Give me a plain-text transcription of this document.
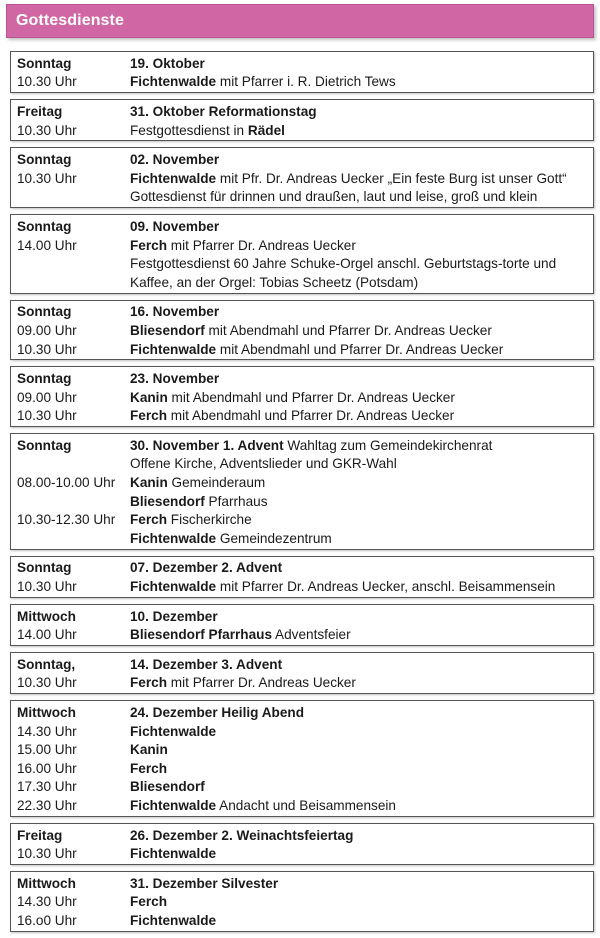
Gottesdienste
Sonntag	19. Oktober
10.30 Uhr	Fichtenwalde mit Pfarrer i. R. Dietrich Tews
Freitag	31. Oktober Reformationstag
10.30 Uhr	Festgottesdienst in Rädel
Sonntag	02. November
10.30 Uhr	Fichtenwalde mit Pfr. Dr. Andreas Uecker „Ein feste Burg ist unser Gott“
Gottesdienst für drinnen und draußen, laut und leise, groß und klein
Sonntag	09. November
14.00 Uhr	Ferch mit Pfarrer Dr. Andreas Uecker
Festgottesdienst 60 Jahre Schuke-Orgel anschl. Geburtstags-torte und
Kaffee, an der Orgel: Tobias Scheetz (Potsdam)
Sonntag	16. November
09.00 Uhr	Bliesendorf mit Abendmahl und Pfarrer Dr. Andreas Uecker
10.30 Uhr	Fichtenwalde mit Abendmahl und Pfarrer Dr. Andreas Uecker
Sonntag	23. November
09.00 Uhr	Kanin mit Abendmahl und Pfarrer Dr. Andreas Uecker
10.30 Uhr	Ferch mit Abendmahl und Pfarrer Dr. Andreas Uecker
Sonntag	30. November 1. Advent Wahltag zum Gemeindekirchenrat
Offene Kirche, Adventslieder und GKR-Wahl
08.00-10.00 Uhr	Kanin Gemeinderaum
Bliesendorf Pfarrhaus
10.30-12.30 Uhr	Ferch Fischerkirche
Fichtenwalde Gemeindezentrum
Sonntag	07. Dezember 2. Advent
10.30 Uhr	Fichtenwalde mit Pfarrer Dr. Andreas Uecker, anschl. Beisammensein
Mittwoch	10. Dezember
14.00 Uhr	Bliesendorf Pfarrhaus Adventsfeier
Sonntag,	14. Dezember 3. Advent
10.30 Uhr	Ferch mit Pfarrer Dr. Andreas Uecker
Mittwoch	24. Dezember Heilig Abend
14.30 Uhr	Fichtenwalde
15.00 Uhr	Kanin
16.00 Uhr	Ferch
17.30 Uhr	Bliesendorf
22.30 Uhr	Fichtenwalde Andacht und Beisammensein
Freitag	26. Dezember 2. Weinachtsfeiertag
10.30 Uhr	Fichtenwalde
Mittwoch	31. Dezember Silvester
14.30 Uhr	Ferch
16.o0 Uhr	Fichtenwalde
